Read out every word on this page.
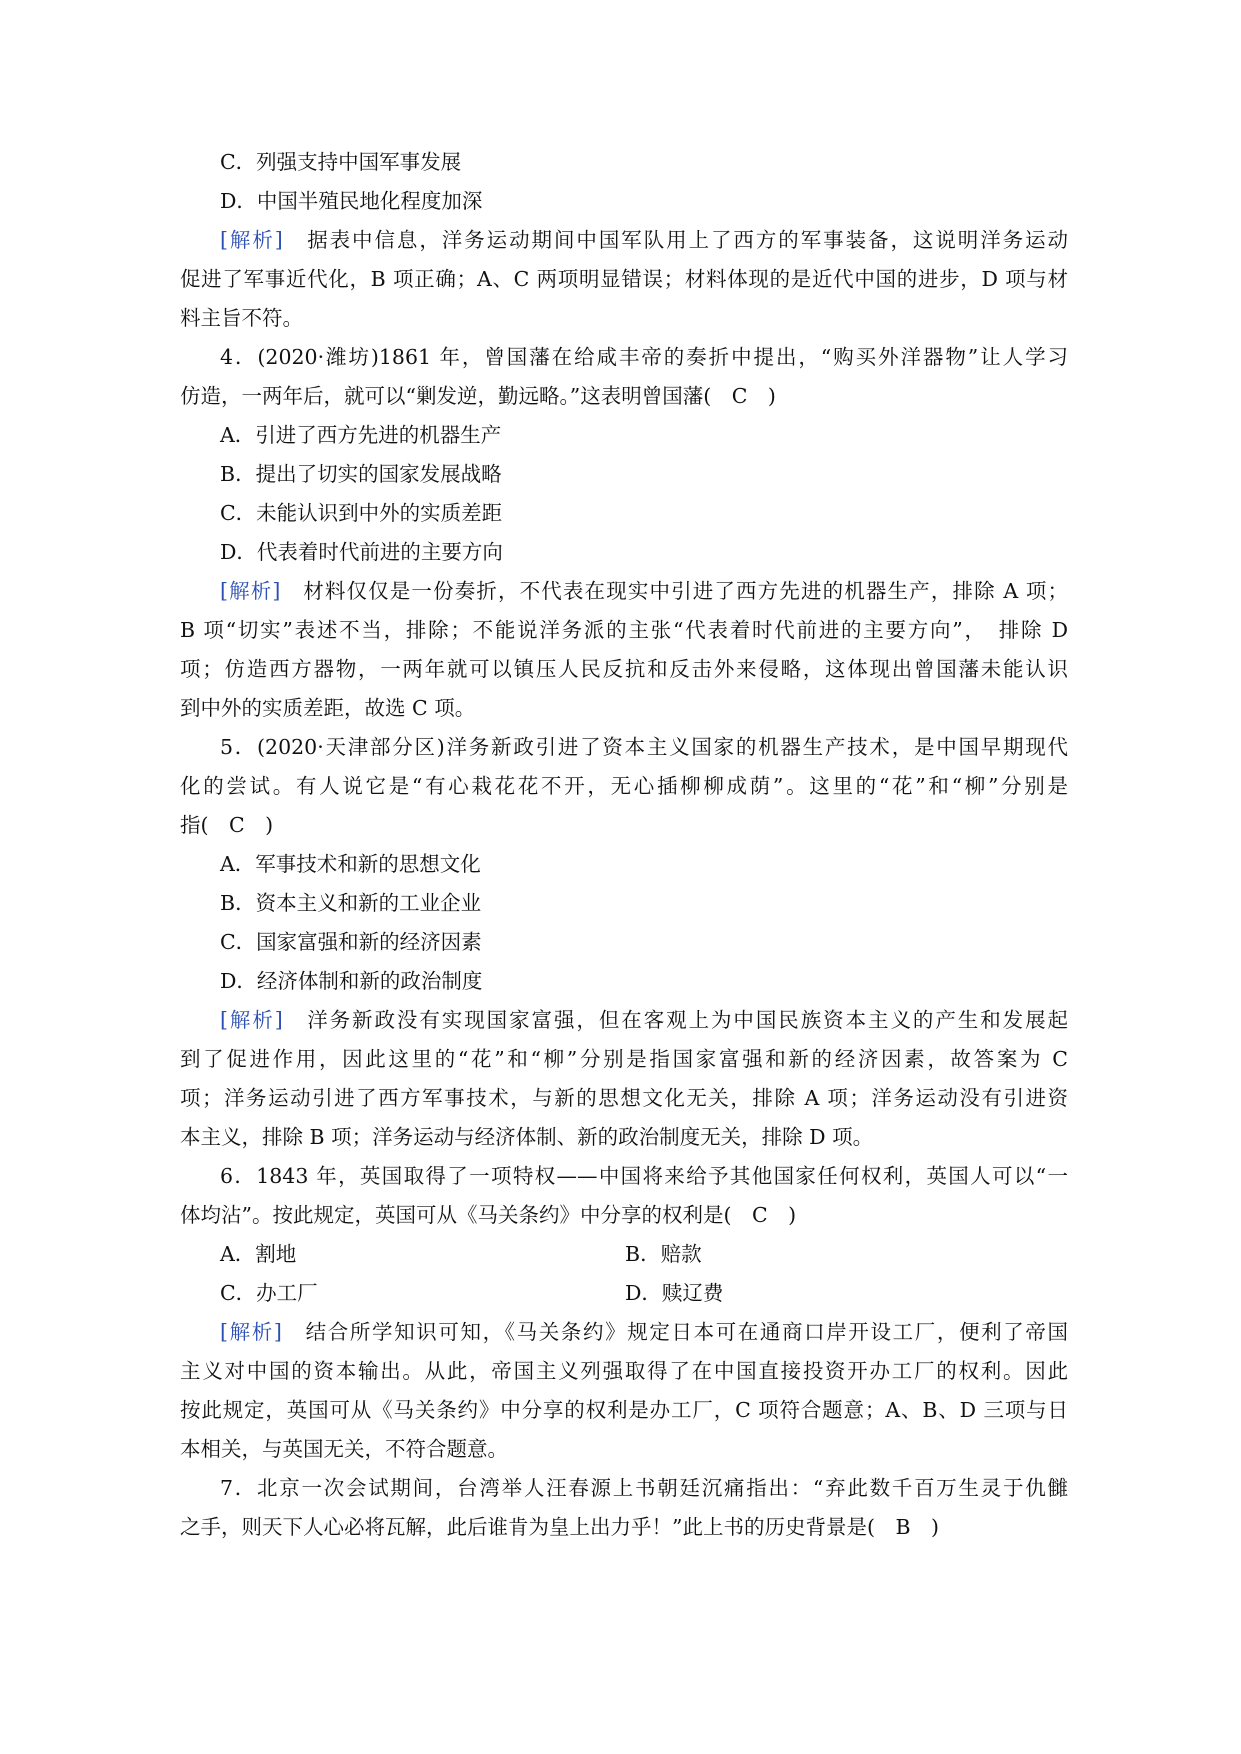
C．列强支持中国军事发展
D．中国半殖民地化程度加深
[解析]　 据表中信息，洋务运动期间中国军队用上了西方的军事装备，这说明洋务运动
促进了军事近代化，B 项正确；A、C 两项明显错误；材料体现的是近代中国的进步，D 项与材
料主旨不符。
4．(2020·潍坊)1861 年，曾国藩在给咸丰帝的奏折中提出，“购买外洋器物”让人学习
仿造，一两年后，就可以“剿发逆，勤远略。”这表明曾国藩(　C　)
A．引进了西方先进的机器生产
B．提出了切实的国家发展战略
C．未能认识到中外的实质差距
D．代表着时代前进的主要方向
[解析]　 材料仅仅是一份奏折，不代表在现实中引进了西方先进的机器生产，排除 A 项；
B 项“切实”表述不当，排除；不能说洋务派的主张“代表着时代前进的主要方向”，　排除 D
项；仿造西方器物，一两年就可以镇压人民反抗和反击外来侵略，这体现出曾国藩未能认识
到中外的实质差距，故选 C 项。
5．(2020·天津部分区)洋务新政引进了资本主义国家的机器生产技术，是中国早期现代
化的尝试。有人说它是“有心栽花花不开，无心插柳柳成荫”。这里的“花”和“柳”分别是
指(　C　)
A．军事技术和新的思想文化
B．资本主义和新的工业企业
C．国家富强和新的经济因素
D．经济体制和新的政治制度
[解析]　 洋务新政没有实现国家富强，但在客观上为中国民族资本主义的产生和发展起
到了促进作用，因此这里的“花”和“柳”分别是指国家富强和新的经济因素，故答案为 C
项；洋务运动引进了西方军事技术，与新的思想文化无关，排除 A 项；洋务运动没有引进资
本主义，排除 B 项；洋务运动与经济体制、新的政治制度无关，排除 D 项。
6．1843 年，英国取得了一项特权——中国将来给予其他国家任何权利，英国人可以“一
体均沾”。按此规定，英国可从《马关条约》中分享的权利是(　C　)
A．割地	B．赔款
C．办工厂	D．赎辽费
[解析]　 结合所学知识可知，《马关条约》规定日本可在通商口岸开设工厂，便利了帝国
主义对中国的资本输出。从此，帝国主义列强取得了在中国直接投资开办工厂的权利。因此
按此规定，英国可从《马关条约》中分享的权利是办工厂，C 项符合题意；A、B、D 三项与日
本相关，与英国无关，不符合题意。
7．北京一次会试期间，台湾举人汪春源上书朝廷沉痛指出：“弃此数千百万生灵于仇雠
之手，则天下人心必将瓦解，此后谁肯为皇上出力乎！”此上书的历史背景是(　B　)
